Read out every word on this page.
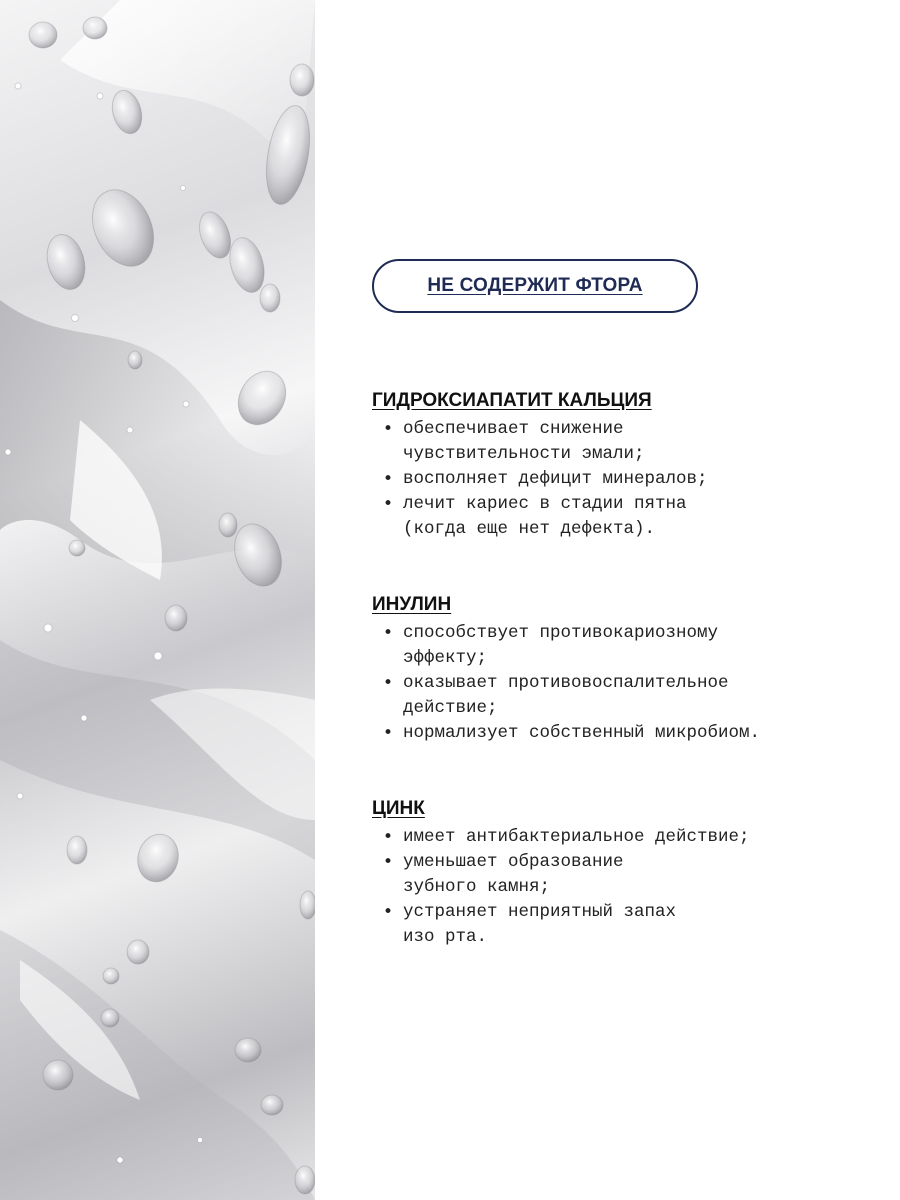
НЕ СОДЕРЖИТ ФТОРА
ГИДРОКСИАПАТИТ КАЛЬЦИЯ
• обеспечивает снижение
чувствительности эмали;
• восполняет дефицит минералов;
• лечит кариес в стадии пятна
(когда еще нет дефекта).
ИНУЛИН
• способствует противокариозному
эффекту;
• оказывает противовоспалительное
действие;
• нормализует собственный микробиом.
ЦИНК
• имеет антибактериальное действие;
• уменьшает образование
зубного камня;
• устраняет неприятный запах
изо рта.
